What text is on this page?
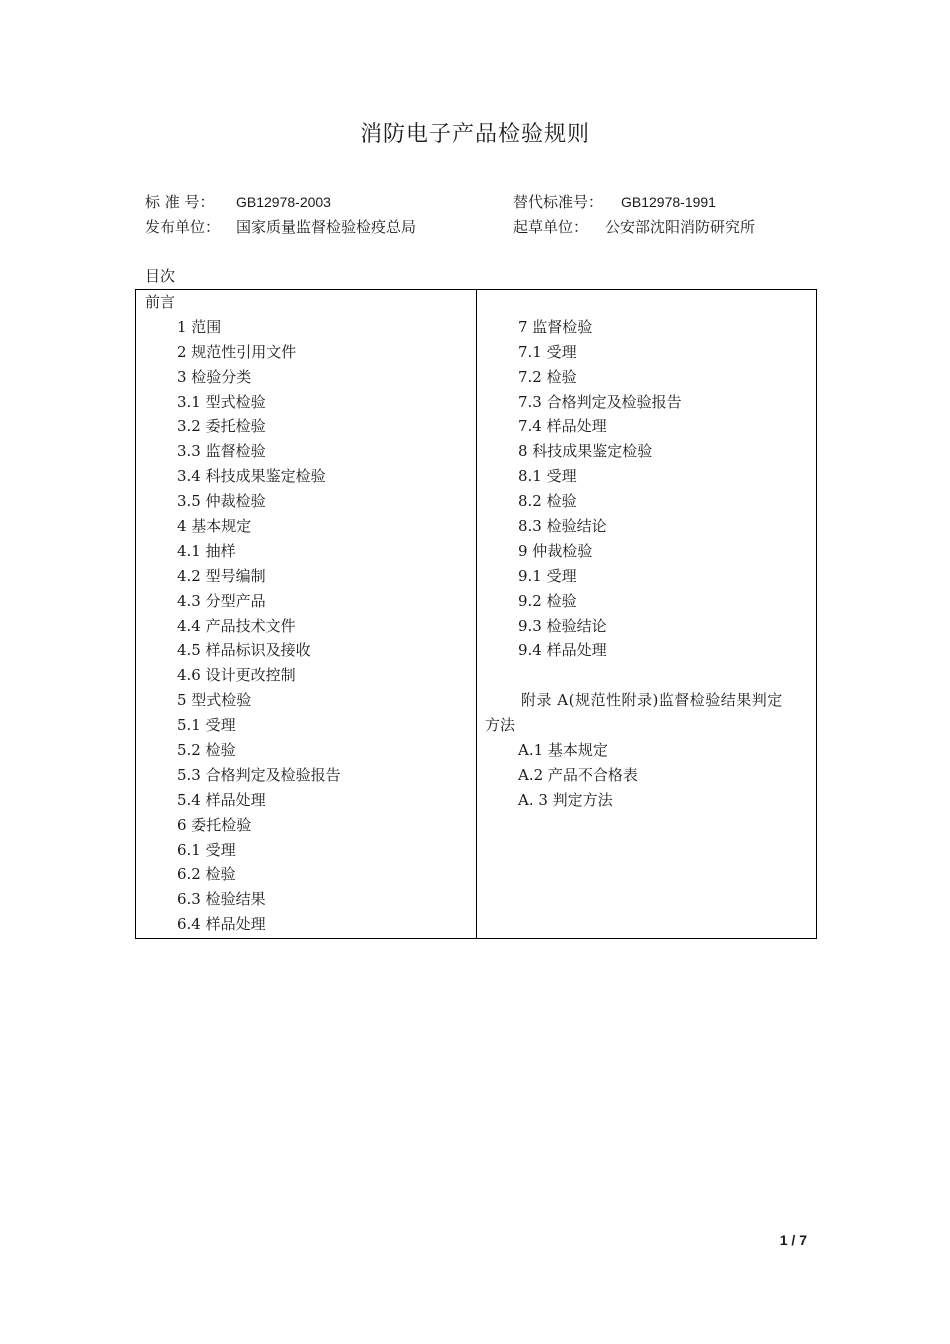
消防电子产品检验规则
标 准 号： GB12978-2003	替代标准号： GB12978-1991
发布单位： 国家质量监督检验检疫总局	起草单位： 公安部沈阳消防研究所
目次
前言
1 范围
2 规范性引用文件
3 检验分类
3.1 型式检验
3.2 委托检验
3.3 监督检验
3.4 科技成果鉴定检验
3.5 仲裁检验
4 基本规定
4.1 抽样
4.2 型号编制
4.3 分型产品
4.4 产品技术文件
4.5 样品标识及接收
4.6 设计更改控制
5 型式检验
5.1 受理
5.2 检验
5.3 合格判定及检验报告
5.4 样品处理
6 委托检验
6.1 受理
6.2 检验
6.3 检验结果
6.4 样品处理
7 监督检验
7.1 受理
7.2 检验
7.3 合格判定及检验报告
7.4 样品处理
8 科技成果鉴定检验
8.1 受理
8.2 检验
8.3 检验结论
9 仲裁检验
9.1 受理
9.2 检验
9.3 检验结论
9.4 样品处理
附录 A(规范性附录)监督检验结果判定
方法
A.1 基本规定
A.2 产品不合格表
A. 3 判定方法
1 / 7
